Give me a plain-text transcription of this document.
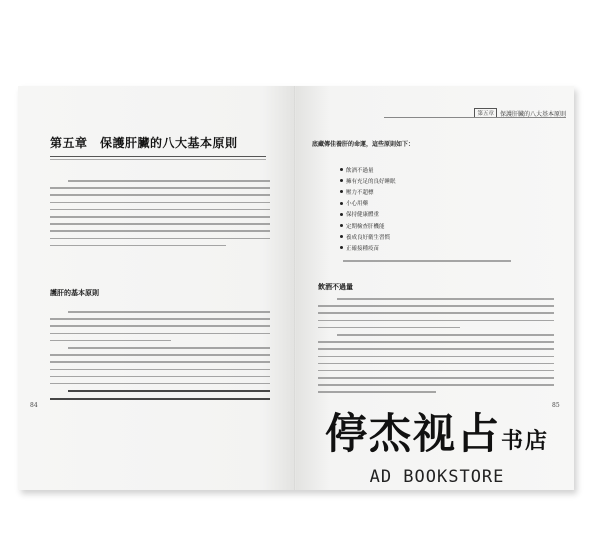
第五章　保護肝臟的八大基本原則
護肝的基本原則
84
第五章	保護肝臟的八大基本原則
底藏傳佳養肝的命運，這些原則如下：
飲酒不過量
擁有充足的良好睡眠
壓力不超標
小心用藥
保持健康體重
定期檢查肝機能
養成良好衛生習慣
正確接種疫苗
飲酒不過量
85
停杰视占书店
AD BOOKSTORE
